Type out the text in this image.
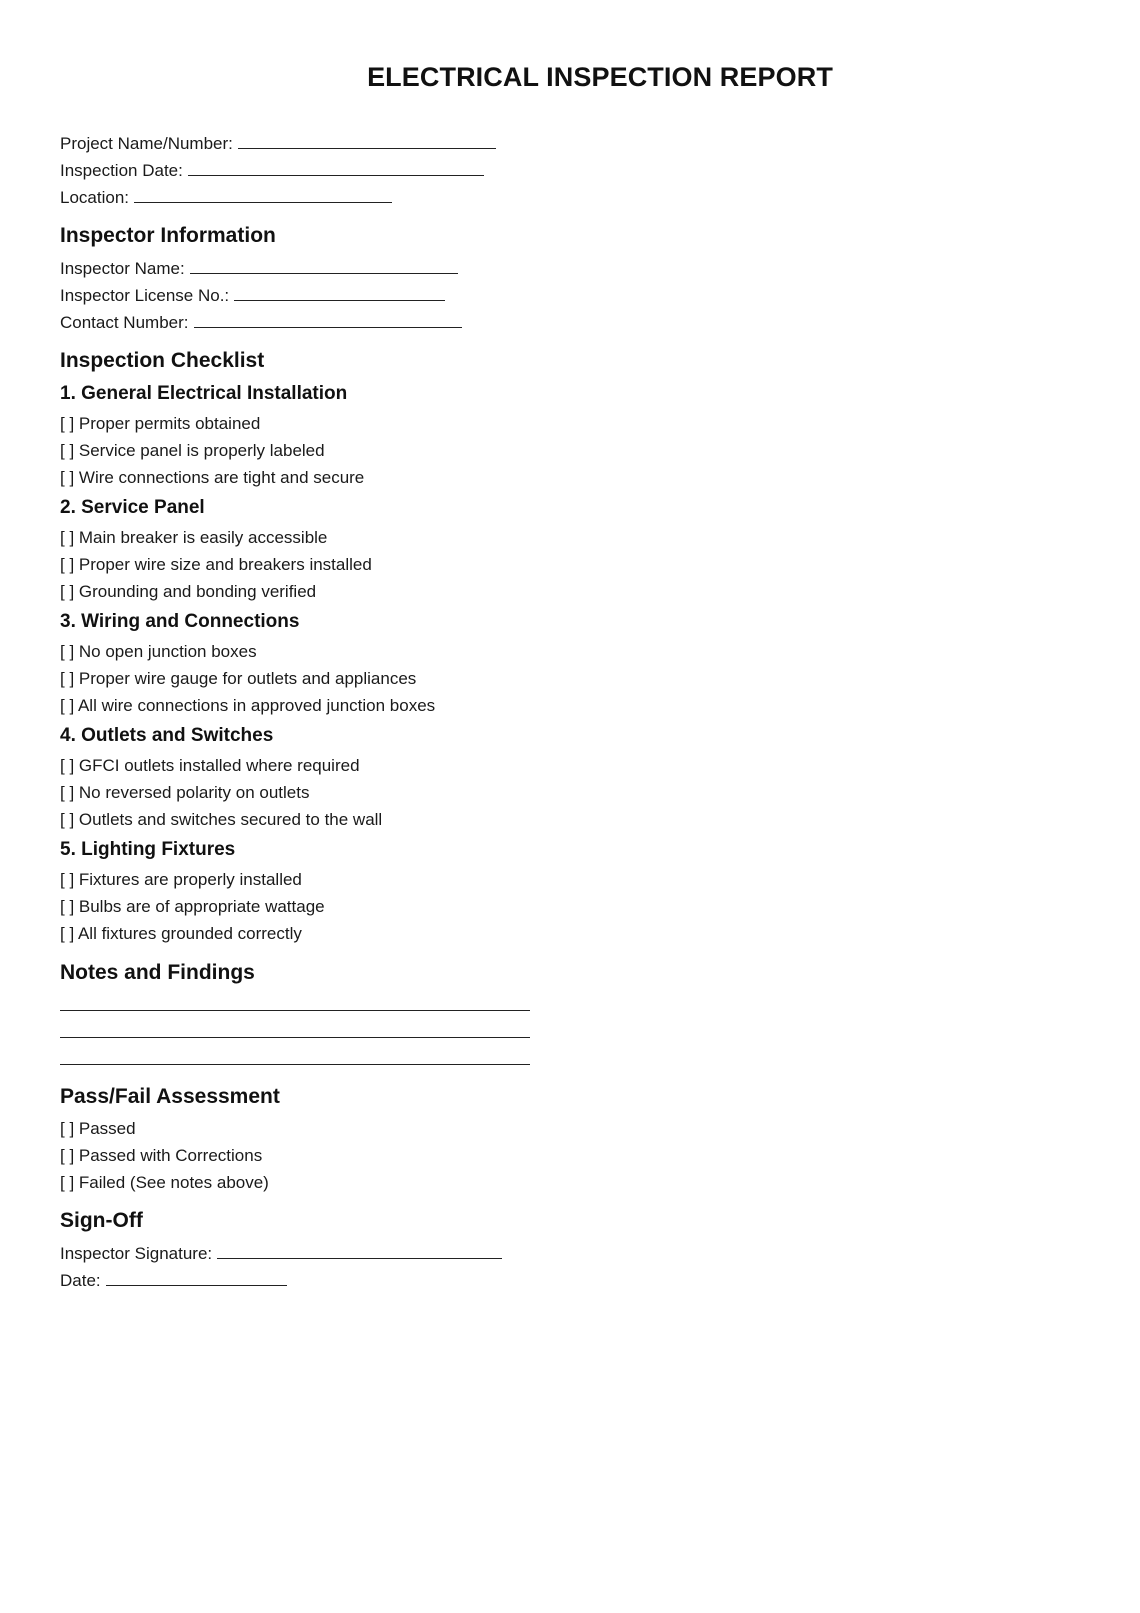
ELECTRICAL INSPECTION REPORT
Project Name/Number:
Inspection Date:
Location:
Inspector Information
Inspector Name:
Inspector License No.:
Contact Number:
Inspection Checklist
1. General Electrical Installation
[ ] Proper permits obtained
[ ] Service panel is properly labeled
[ ] Wire connections are tight and secure
2. Service Panel
[ ] Main breaker is easily accessible
[ ] Proper wire size and breakers installed
[ ] Grounding and bonding verified
3. Wiring and Connections
[ ] No open junction boxes
[ ] Proper wire gauge for outlets and appliances
[ ] All wire connections in approved junction boxes
4. Outlets and Switches
[ ] GFCI outlets installed where required
[ ] No reversed polarity on outlets
[ ] Outlets and switches secured to the wall
5. Lighting Fixtures
[ ] Fixtures are properly installed
[ ] Bulbs are of appropriate wattage
[ ] All fixtures grounded correctly
Notes and Findings
Pass/Fail Assessment
[ ] Passed
[ ] Passed with Corrections
[ ] Failed (See notes above)
Sign-Off
Inspector Signature:
Date:
